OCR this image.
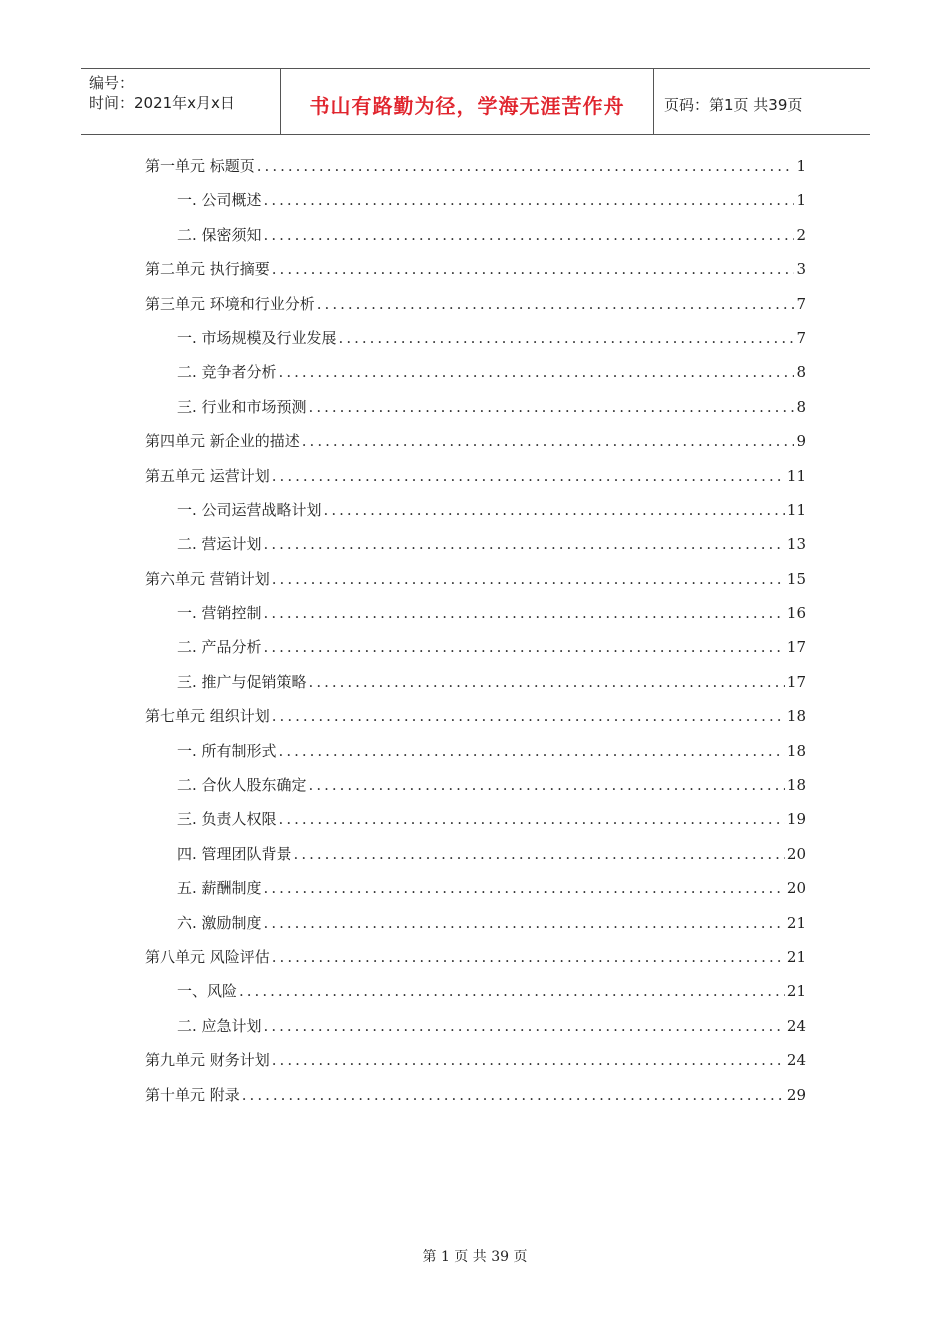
编号：
时间：2021年x月x日	书山有路勤为径，学海无涯苦作舟	页码：第1页 共39页
第一单元 标题页 .....	1
一. 公司概述 .....	1
二. 保密须知 .....	2
第二单元 执行摘要 .....	3
第三单元 环境和行业分析 .....	7
一. 市场规模及行业发展 .....	7
二. 竞争者分析 .....	8
三. 行业和市场预测 .....	8
第四单元 新企业的描述 .....	9
第五单元 运营计划 .....	11
一. 公司运营战略计划 .....	11
二. 营运计划 .....	13
第六单元 营销计划 .....	15
一. 营销控制 .....	16
二. 产品分析 .....	17
三. 推广与促销策略 .....	17
第七单元 组织计划 .....	18
一. 所有制形式 .....	18
二. 合伙人股东确定 .....	18
三. 负责人权限 .....	19
四. 管理团队背景 .....	20
五. 薪酬制度 .....	20
六. 激励制度 .....	21
第八单元 风险评估 .....	21
一、风险 .....	21
二. 应急计划 .....	24
第九单元 财务计划 .....	24
第十单元 附录 .....	29
第 1 页 共 39 页
